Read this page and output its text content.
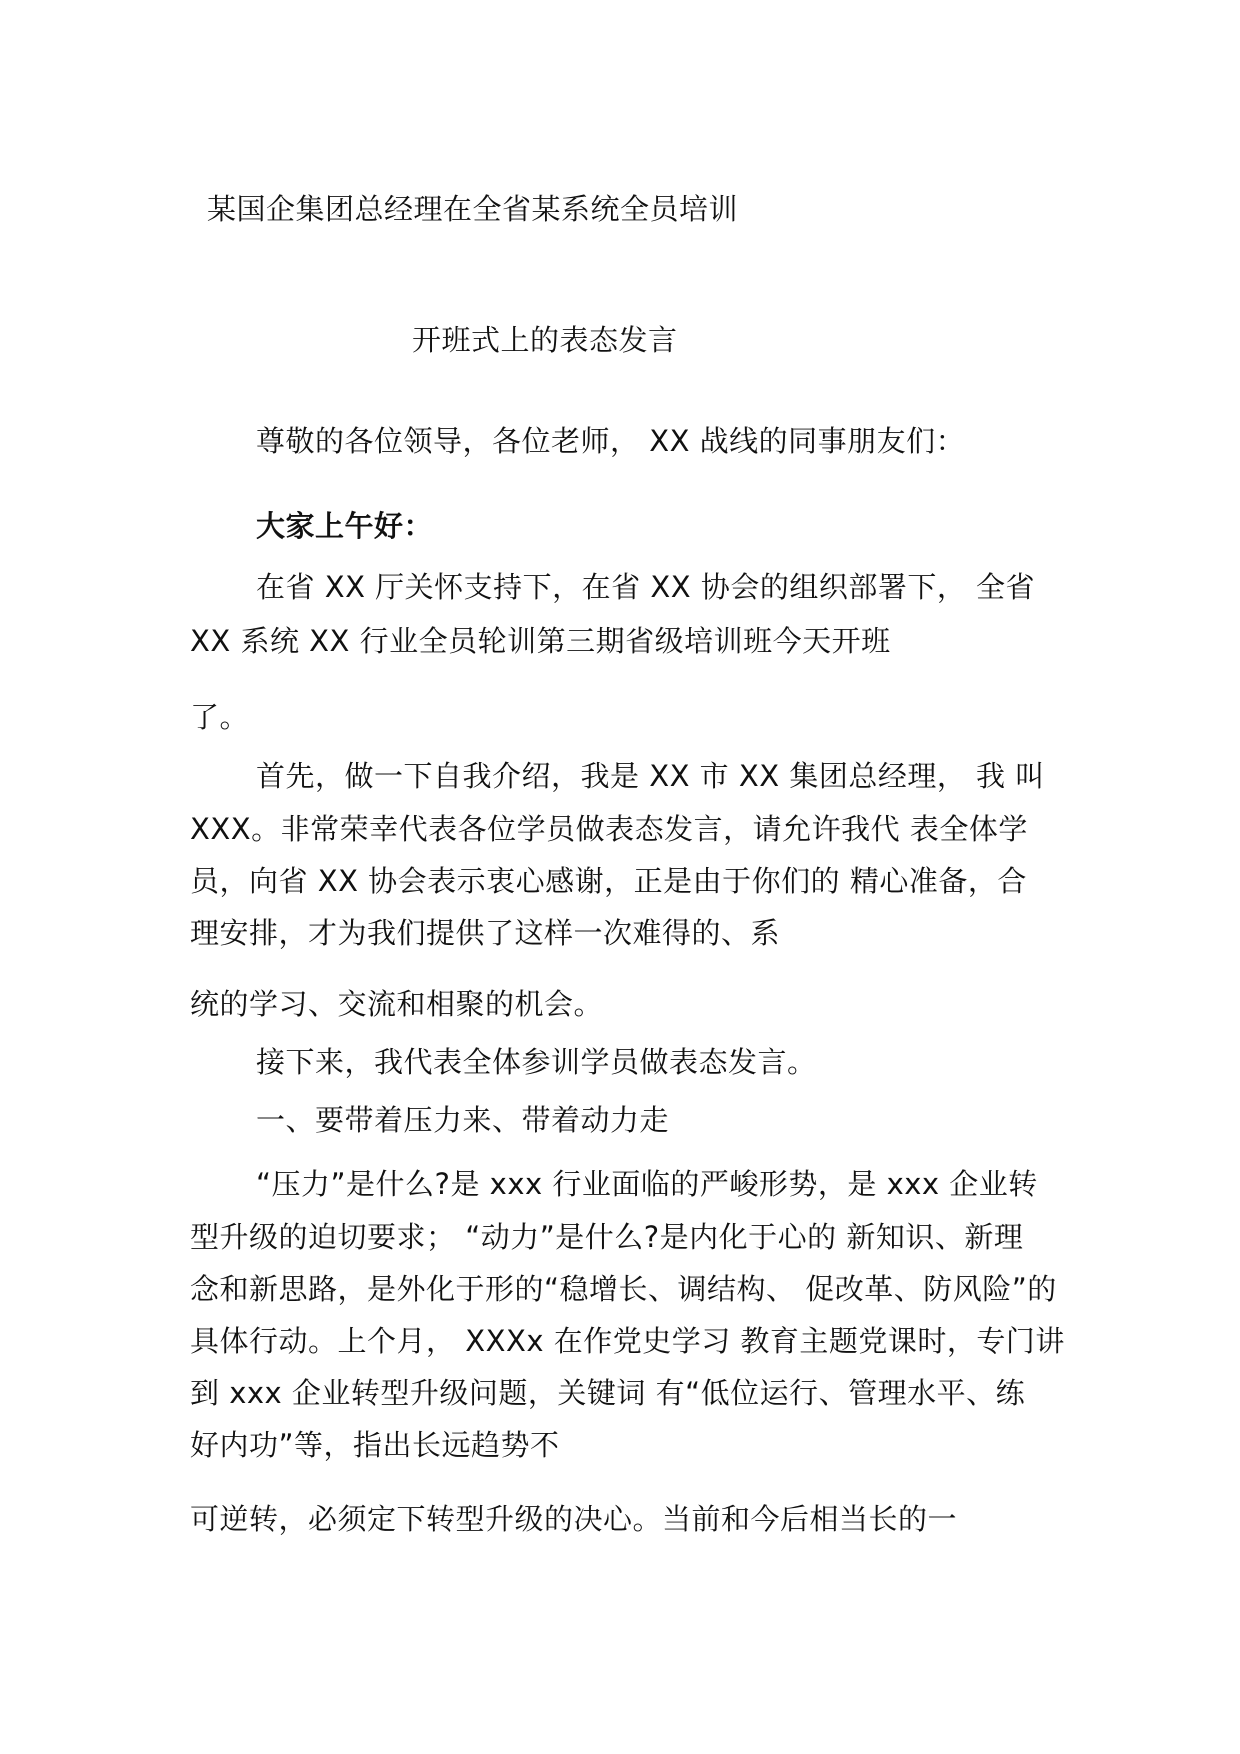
某国企集团总经理在全省某系统全员培训
开班式上的表态发言
尊敬的各位领导，各位老师， XX 战线的同事朋友们：
大家上午好：
在省 XX 厅关怀支持下，在省 XX 协会的组织部署下， 全省
XX 系统 XX 行业全员轮训第三期省级培训班今天开班
了。
首先，做一下自我介绍，我是 XX 市 XX 集团总经理， 我 叫
XXX。非常荣幸代表各位学员做表态发言，请允许我代 表全体学
员，向省 XX 协会表示衷心感谢，正是由于你们的 精心准备，合
理安排，才为我们提供了这样一次难得的、系
统的学习、交流和相聚的机会。
接下来，我代表全体参训学员做表态发言。
一、要带着压力来、带着动力走
“压力”是什么?是 xxx 行业面临的严峻形势，是 xxx 企业转
型升级的迫切要求； “动力”是什么?是内化于心的 新知识、新理
念和新思路，是外化于形的“稳增长、调结构、 促改革、防风险”的
具体行动。上个月， XXXx 在作党史学习 教育主题党课时，专门讲
到 xxx 企业转型升级问题，关键词 有“低位运行、管理水平、练
好内功”等，指出长远趋势不
可逆转，必须定下转型升级的决心。当前和今后相当长的一
